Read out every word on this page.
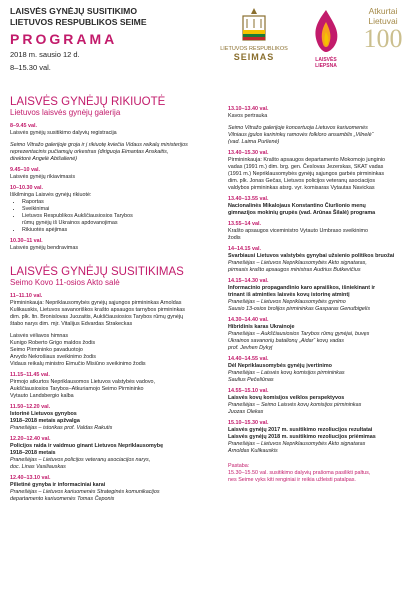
LAISVĖS GYNĖJŲ SUSITIKIMO
LIETUVOS RESPUBLIKOS SEIME
PROGRAMA
2018 m. sausio 12 d.
8–15.30 val.
LIETUVOS RESPUBLIKOS
SEIMAS	LAISVĖS LIEPSNA
Atkurtai
Lietuvai
100
LAISVĖS GYNĖJŲ RIKIUOTĖ
Lietuvos laisvės gynėjų galerija
8–9.45 val.
Laisvės gynėjų susitikimo dalyvių registracija
Seimo Vitražo galerijoje groja ir į rikiuotę kviečia Vidaus reikalų ministerijos
reprezentacinis pučiamųjų orkestras (diriguoja Eimantas Anskaitis,
direktorė Angelė Abišalienė)
9.45–10 val.
Laisvės gynėjų rikiavimasis
10–10.30 val.
Iškilminga Laisvės gynėjų rikiuotė:
• Raportas
• Sveikinimai
• Lietuvos Respublikos Aukščiausiosios Tarybos
rūmų gynėjų iš Ukrainos apdovanojimas
• Rikiuotės apėjimas
10.30–11 val.
Laisvės gynėjų bendravimas
LAISVĖS GYNĖJŲ SUSITIKIMAS
Seimo Kovo 11-osios Akto salė
11–11.10 val.
Pirmininkauja: Nepriklausomybės gynėjų sąjungos pirmininkas Arnoldas
Kulikauskis, Lietuvos savanoriškos krašto apsaugos tarnybos pirmininkas
dim. plk. ltn. Bronislovas Juozaitis, Aukščiausiosios Tarybos rūmų gynėjų
štabo narys dim. mjr. Vitalijus Edvardas Strakeckas
Laisvės vėliavos himnas
Kunigo Roberto Grigo maldos žodis
Seimo Pirmininko pavaduotojo
Arvydo Nekrošiaus sveikinimo žodis
Vidaus reikalų ministro Eimučio Misiūno sveikinimo žodis
11.15–11.45 val.
Pirmojo atkurtos Nepriklausomos Lietuvos valstybės vadovo,
Aukščiausiosios Tarybos–Atkuriamojo Seimo Pirmininko
Vytauto Landsbergio kalba
11.50–12.20 val.
Istorinė Lietuvos gynybos
1918–2018 metais apžvalga
Pranešėjas – istorikas prof. Valdas Rakutis
12.20–12.40 val.
Policijos raida ir vaidmuo ginant Lietuvos Nepriklausomybę
1918–2018 metais
Pranešėjas – Lietuvos policijos veteranų asociacijos narys,
doc. Linas Vasiliauskas
12.40–13.10 val.
Pilietinė gynyba ir informaciniai karai
Pranešėjas – Lietuvos kariuomenės Strateginės komunikacijos
departamento kariuomenės Tomas Čeponis
13.10–13.40 val.
Kavos pertrauka
Seimo Vitražo galerijoje koncertuoja Lietuvos kariuomenės
Vilniaus įgulos karininkų ramovės folkloro ansamblis „Vilnelė“
(vad. Laima Purlienė)
13.40–15.30 val.
Pirmininkauja: Krašto apsaugos departamento Mokomojo junginio
vadas (1991 m.) dim. brg. gen. Česlovas Jezerskas, SKAT vadas
(1991 m.) Nepriklausomybės gynėjų sąjungos garbės pirmininkas
dim. plk. Jonas Gečas, Lietuvos policijos veteranų asociacijos
valdybos pirmininkas atsrg. vyr. komisaras Vytautas Navickas
13.40–13.55 val.
Nacionalinės Mikalojaus Konstantino Čiurlionio menų
gimnazijos mokinių grupės (vad. Arūnas Šilalė) programa
13.55–14 val.
Krašto apsaugos viceministro Vytauto Umbraso sveikinimo
žodis
14–14.15 val.
Svarbiausi Lietuvos valstybės gynybai užsienio politikos bruožai
Pranešėjas – Lietuvos Nepriklausomybės Akto signataras,
pirmasis krašto apsaugos ministras Audrius Butkevičius
14.15–14.30 val.
Informacinio propagandinio karo apraiškos, išniekinant ir
trinant iš atminties laisvės kovų istorinę atmintį
Pranešėjas – Lietuvos Nepriklausomybės gynimo
Sausio 13-osios brolijos pirmininkas Gasparas Genutbigelis
14.30–14.40 val.
Hibridinis karas Ukrainoje
Pranešėjas – Aukščiausiosios Tarybos rūmų gynėjai, buvęs
Ukrainos savanorių batalionų „Aidar“ kovų vadas
prof. Jevhen Dykyj
14.40–14.55 val.
Dėl Nepriklausomybės gynėjų įvertinimo
Pranešėjas – Laisvės kovų komisijos pirmininkas
Saulius Pečeliūnas
14.55–15.10 val.
Laisvės kovų komisijos veiklos perspektyvos
Pranešėjas – Seimo Laisvės kovų komisijos pirmininkas
Juozas Olekas
15.10–15.30 val.
Laisvės gynėjų 2017 m. susitikimo rezoliucijos rezultatai
Laisvės gynėjų 2018 m. susitikimo rezoliucijos priėmimas
Pranešėjas – Lietuvos Nepriklausomybės Akto signataras
Arnoldas Kulikauskis
Pastaba:
15.30–15.50 val. susitikimo dalyvių prašoma pasilikti paltus,
nes Seime vyks kiti renginiai ir reikia užleisti patalpas.
